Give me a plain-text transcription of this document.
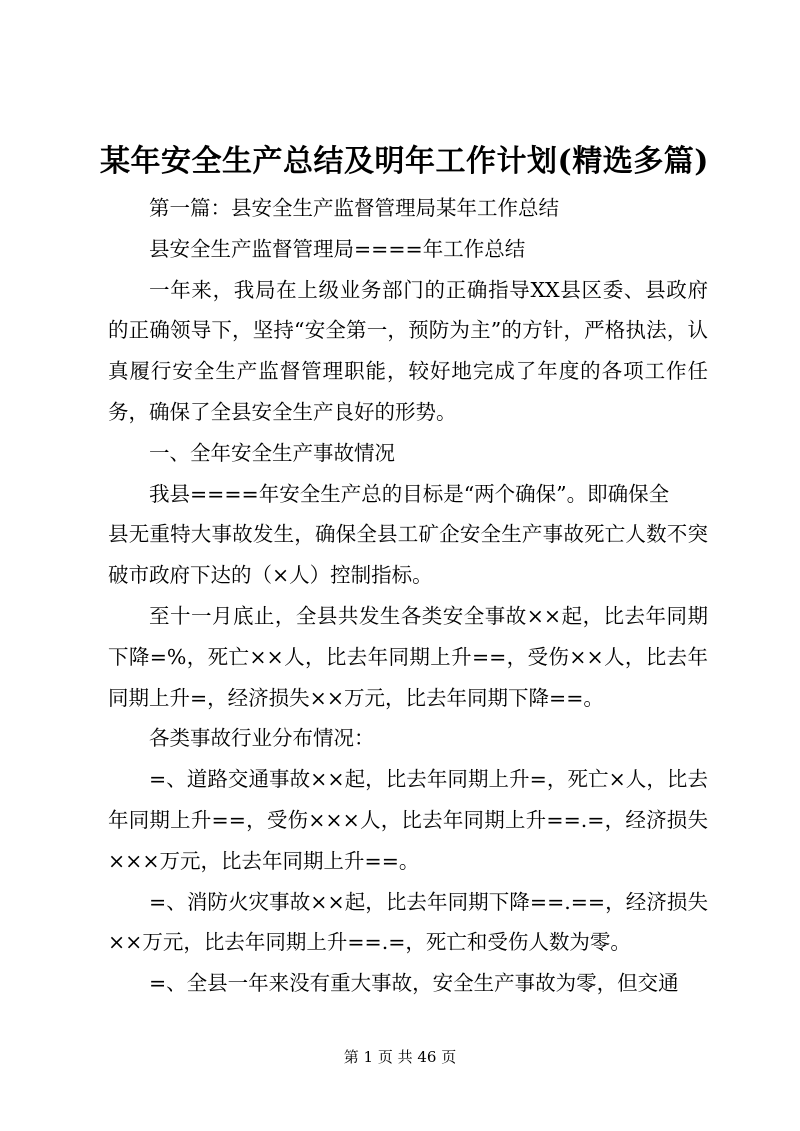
某年安全生产总结及明年工作计划(精选多篇)

第一篇：县安全生产监督管理局某年工作总结

县安全生产监督管理局====年工作总结

一年来，我局在上级业务部门的正确指导XX县区委、县政府的正确领导下，坚持“安全第一，预防为主”的方针，严格执法，认真履行安全生产监督管理职能，较好地完成了年度的各项工作任务，确保了全县安全生产良好的形势。

一、全年安全生产事故情况

我县====年安全生产总的目标是“两个确保”。即确保全

县无重特大事故发生，确保全县工矿企安全生产事故死亡人数不突破市政府下达的（×人）控制指标。

至十一月底止，全县共发生各类安全事故××起，比去年同期下降=%，死亡××人，比去年同期上升==，受伤××人，比去年同期上升=，经济损失××万元，比去年同期下降==。

各类事故行业分布情况：

=、道路交通事故××起，比去年同期上升=，死亡×人，比去年同期上升==，受伤×××人，比去年同期上升==.=，经济损失×××万元，比去年同期上升==。

=、消防火灾事故××起，比去年同期下降==.==，经济损失××万元，比去年同期上升==.=，死亡和受伤人数为零。

=、全县一年来没有重大事故，安全生产事故为零，但交通

第 1 页 共 46 页
